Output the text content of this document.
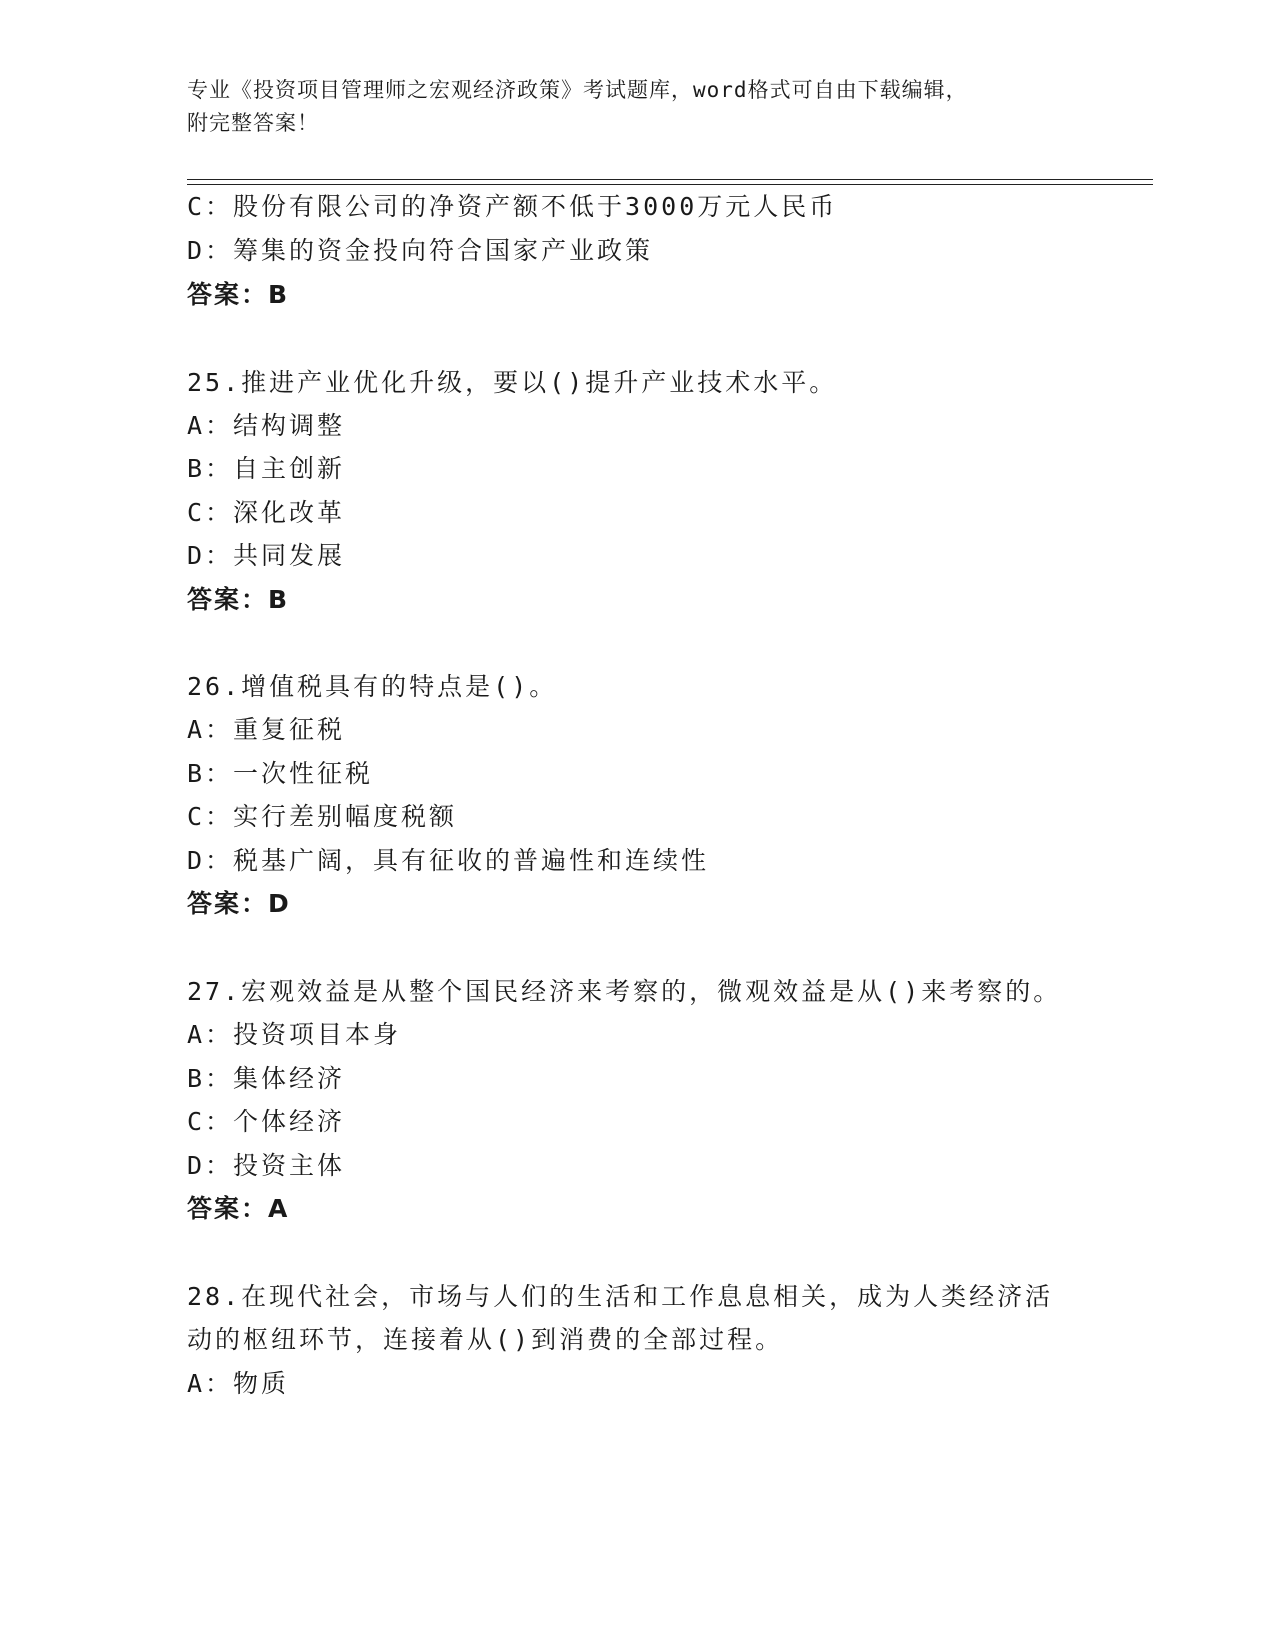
专业《投资项目管理师之宏观经济政策》考试题库，word格式可自由下载编辑，
附完整答案！
C：股份有限公司的净资产额不低于3000万元人民币
D：筹集的资金投向符合国家产业政策
答案：B
25.推进产业优化升级，要以()提升产业技术水平。
A：结构调整
B：自主创新
C：深化改革
D：共同发展
答案：B
26.增值税具有的特点是()。
A：重复征税
B：一次性征税
C：实行差别幅度税额
D：税基广阔，具有征收的普遍性和连续性
答案：D
27.宏观效益是从整个国民经济来考察的，微观效益是从()来考察的。
A：投资项目本身
B：集体经济
C：个体经济
D：投资主体
答案：A
28.在现代社会，市场与人们的生活和工作息息相关，成为人类经济活
动的枢纽环节，连接着从()到消费的全部过程。
A：物质
